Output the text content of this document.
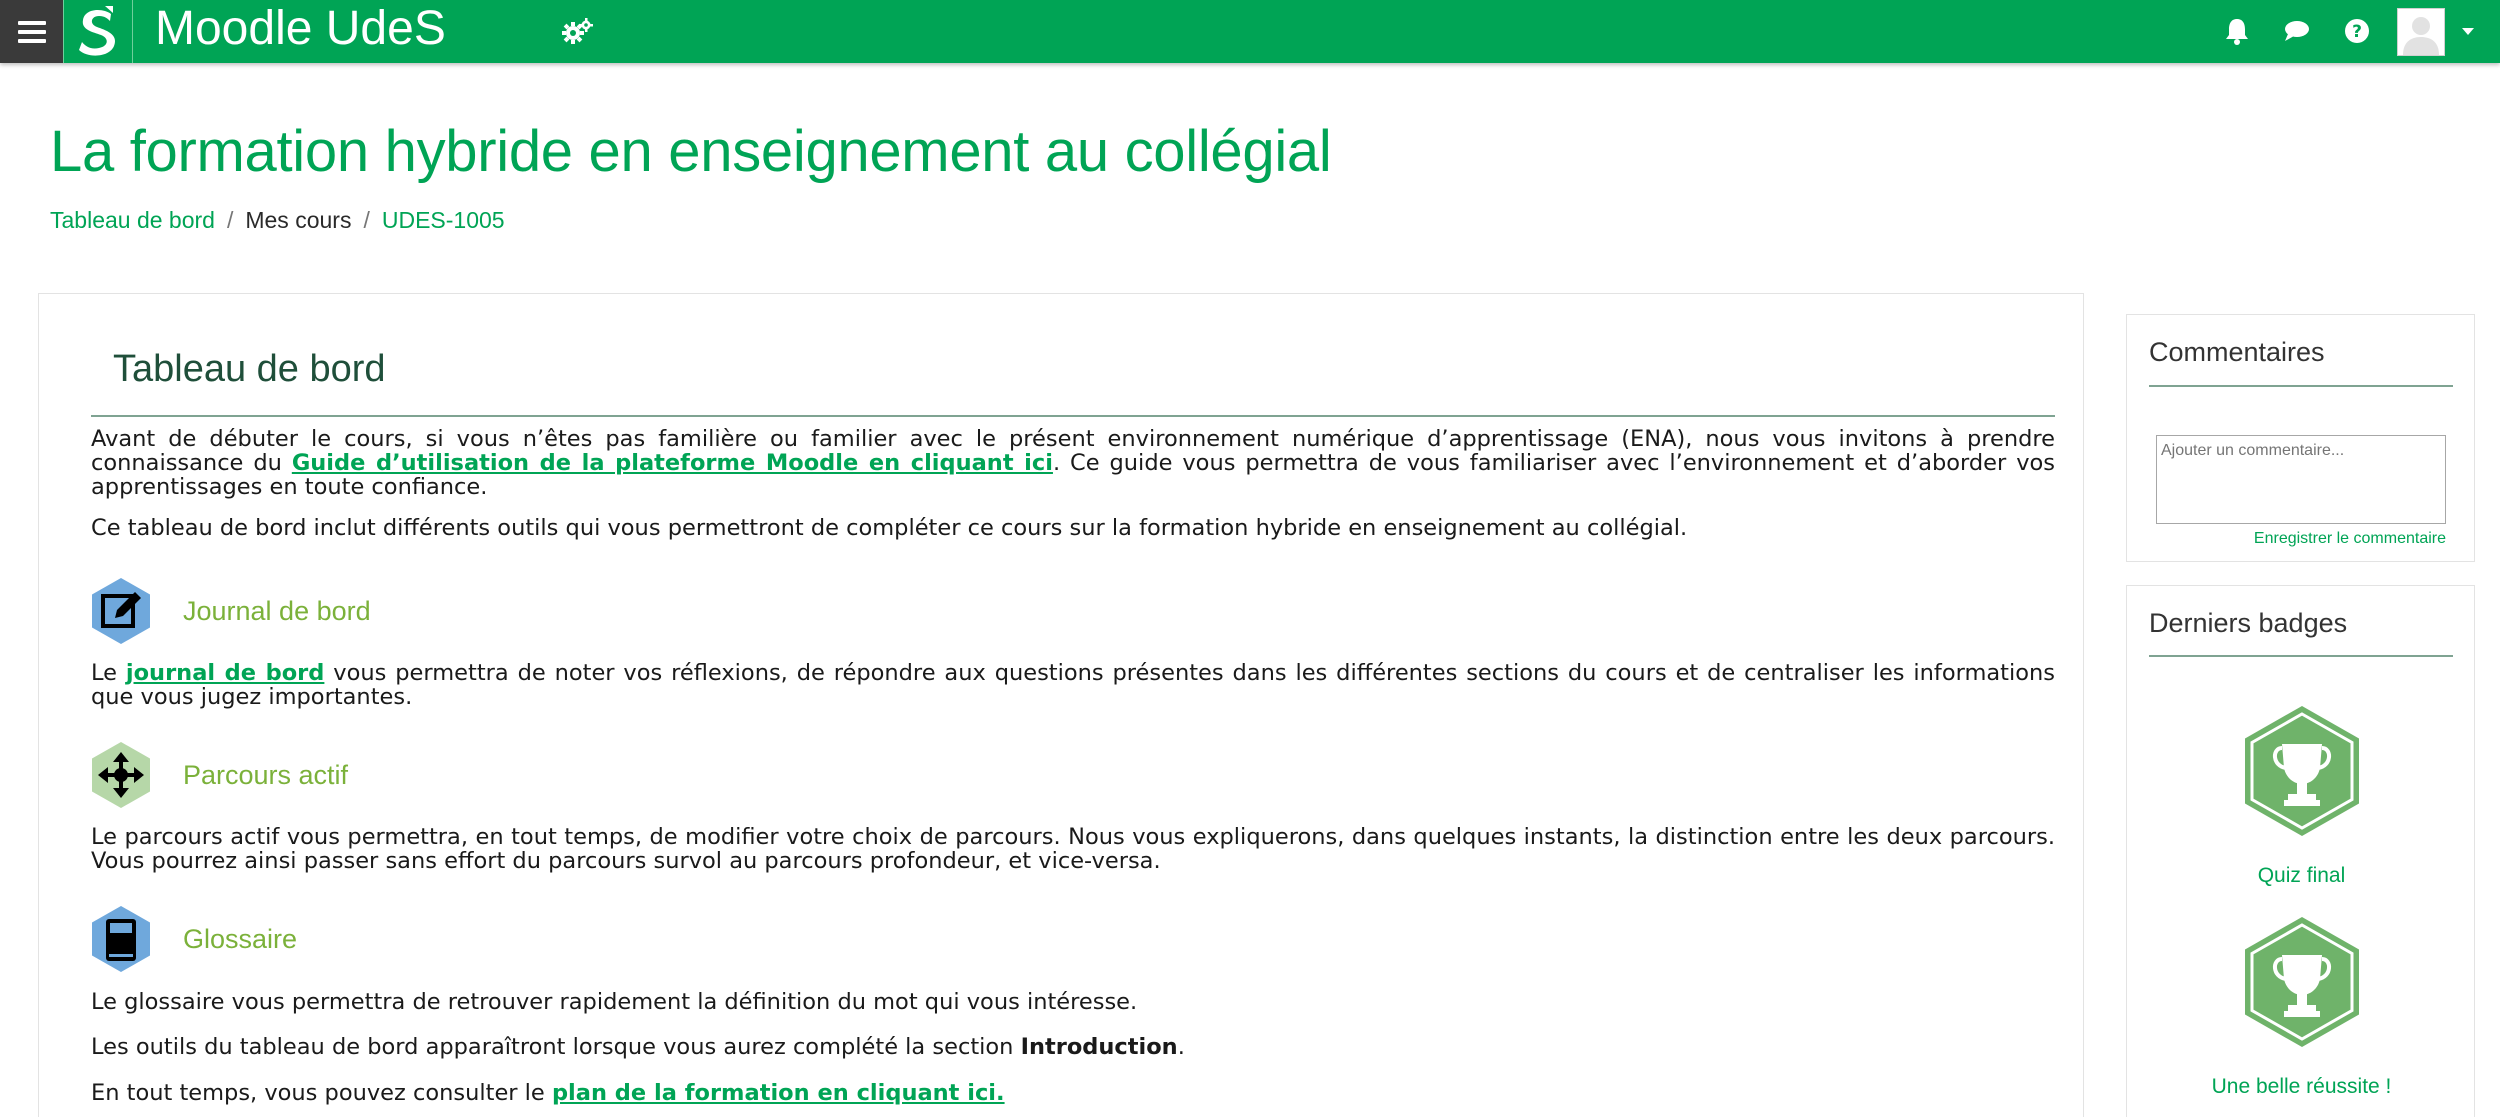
Moodle UdeS	?
La formation hybride en enseignement au collégial
Tableau de bord / Mes cours / UDES-1005
Tableau de bord

Avant de débuter le cours, si vous n’êtes pas familière ou familier avec le présent environnement numérique d’apprentissage (ENA), nous vous invitons à prendre connaissance du Guide d’utilisation de la plateforme Moodle en cliquant ici. Ce guide vous permettra de vous familiariser avec l’environnement et d’aborder vos apprentissages en toute confiance.

Ce tableau de bord inclut différents outils qui vous permettront de compléter ce cours sur la formation hybride en enseignement au collégial.

Journal de bord

Le journal de bord vous permettra de noter vos réflexions, de répondre aux questions présentes dans les différentes sections du cours et de centraliser les informations que vous jugez importantes.

Parcours actif

Le parcours actif vous permettra, en tout temps, de modifier votre choix de parcours. Nous vous expliquerons, dans quelques instants, la distinction entre les deux parcours. Vous pourrez ainsi passer sans effort du parcours survol au parcours profondeur, et vice-versa.

Glossaire

Le glossaire vous permettra de retrouver rapidement la définition du mot qui vous intéresse.

Les outils du tableau de bord apparaîtront lorsque vous aurez complété la section Introduction.

En tout temps, vous pouvez consulter le plan de la formation en cliquant ici.

Commentaires
Ajouter un commentaire...
Enregistrer le commentaire
Derniers badges
Quiz final
Une belle réussite !
